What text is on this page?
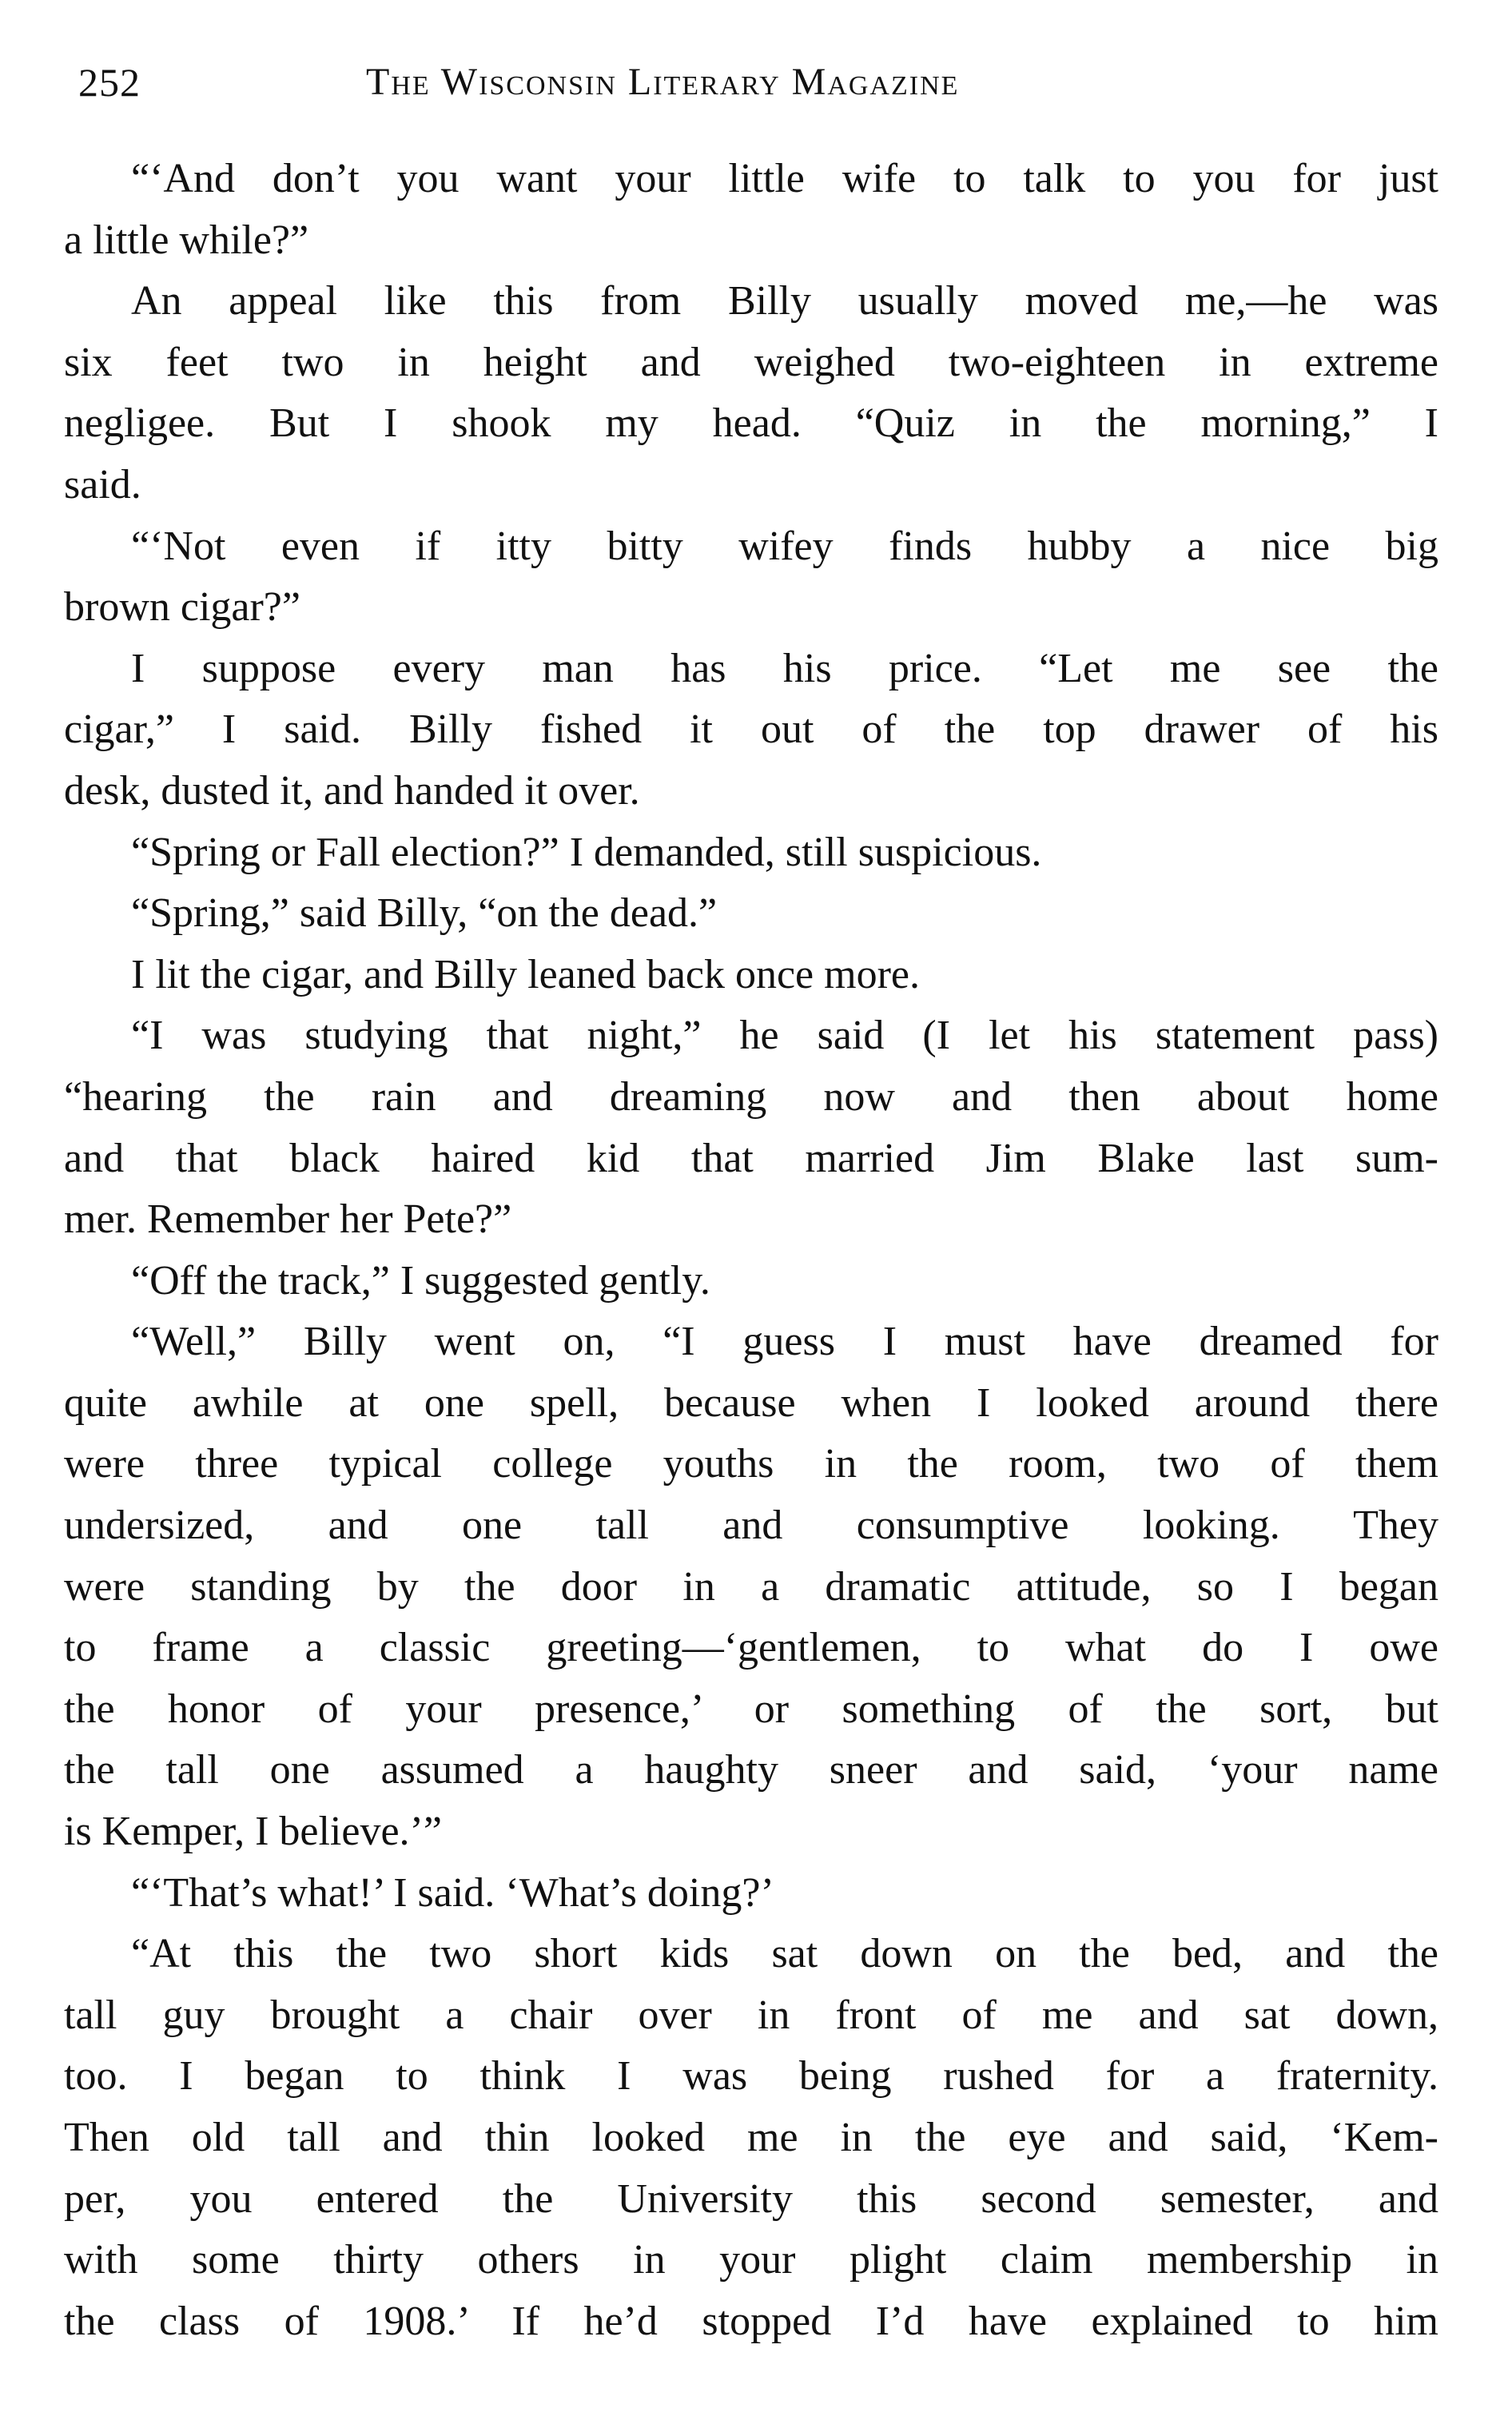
252	The Wisconsin Literary Magazine
“‘And don’t you want your little wife to talk to you for just
a little while?”
An appeal like this from Billy usually moved me,—he was
six feet two in height and weighed two-eighteen in extreme
negligee. But I shook my head. “Quiz in the morning,” I
said.
“‘Not even if itty bitty wifey finds hubby a nice big
brown cigar?”
I suppose every man has his price. “Let me see the
cigar,” I said. Billy fished it out of the top drawer of his
desk, dusted it, and handed it over.
“Spring or Fall election?” I demanded, still suspicious.
“Spring,” said Billy, “on the dead.”
I lit the cigar, and Billy leaned back once more.
“I was studying that night,” he said (I let his statement pass)
“hearing the rain and dreaming now and then about home
and that black haired kid that married Jim Blake last sum-
mer. Remember her Pete?”
“Off the track,” I suggested gently.
“Well,” Billy went on, “I guess I must have dreamed for
quite awhile at one spell, because when I looked around there
were three typical college youths in the room, two of them
undersized, and one tall and consumptive looking. They
were standing by the door in a dramatic attitude, so I began
to frame a classic greeting—‘gentlemen, to what do I owe
the honor of your presence,’ or something of the sort, but
the tall one assumed a haughty sneer and said, ‘your name
is Kemper, I believe.’”
“‘That’s what!’ I said. ‘What’s doing?’
“At this the two short kids sat down on the bed, and the
tall guy brought a chair over in front of me and sat down,
too. I began to think I was being rushed for a fraternity.
Then old tall and thin looked me in the eye and said, ‘Kem-
per, you entered the University this second semester, and
with some thirty others in your plight claim membership in
the class of 1908.’ If he’d stopped I’d have explained to him
